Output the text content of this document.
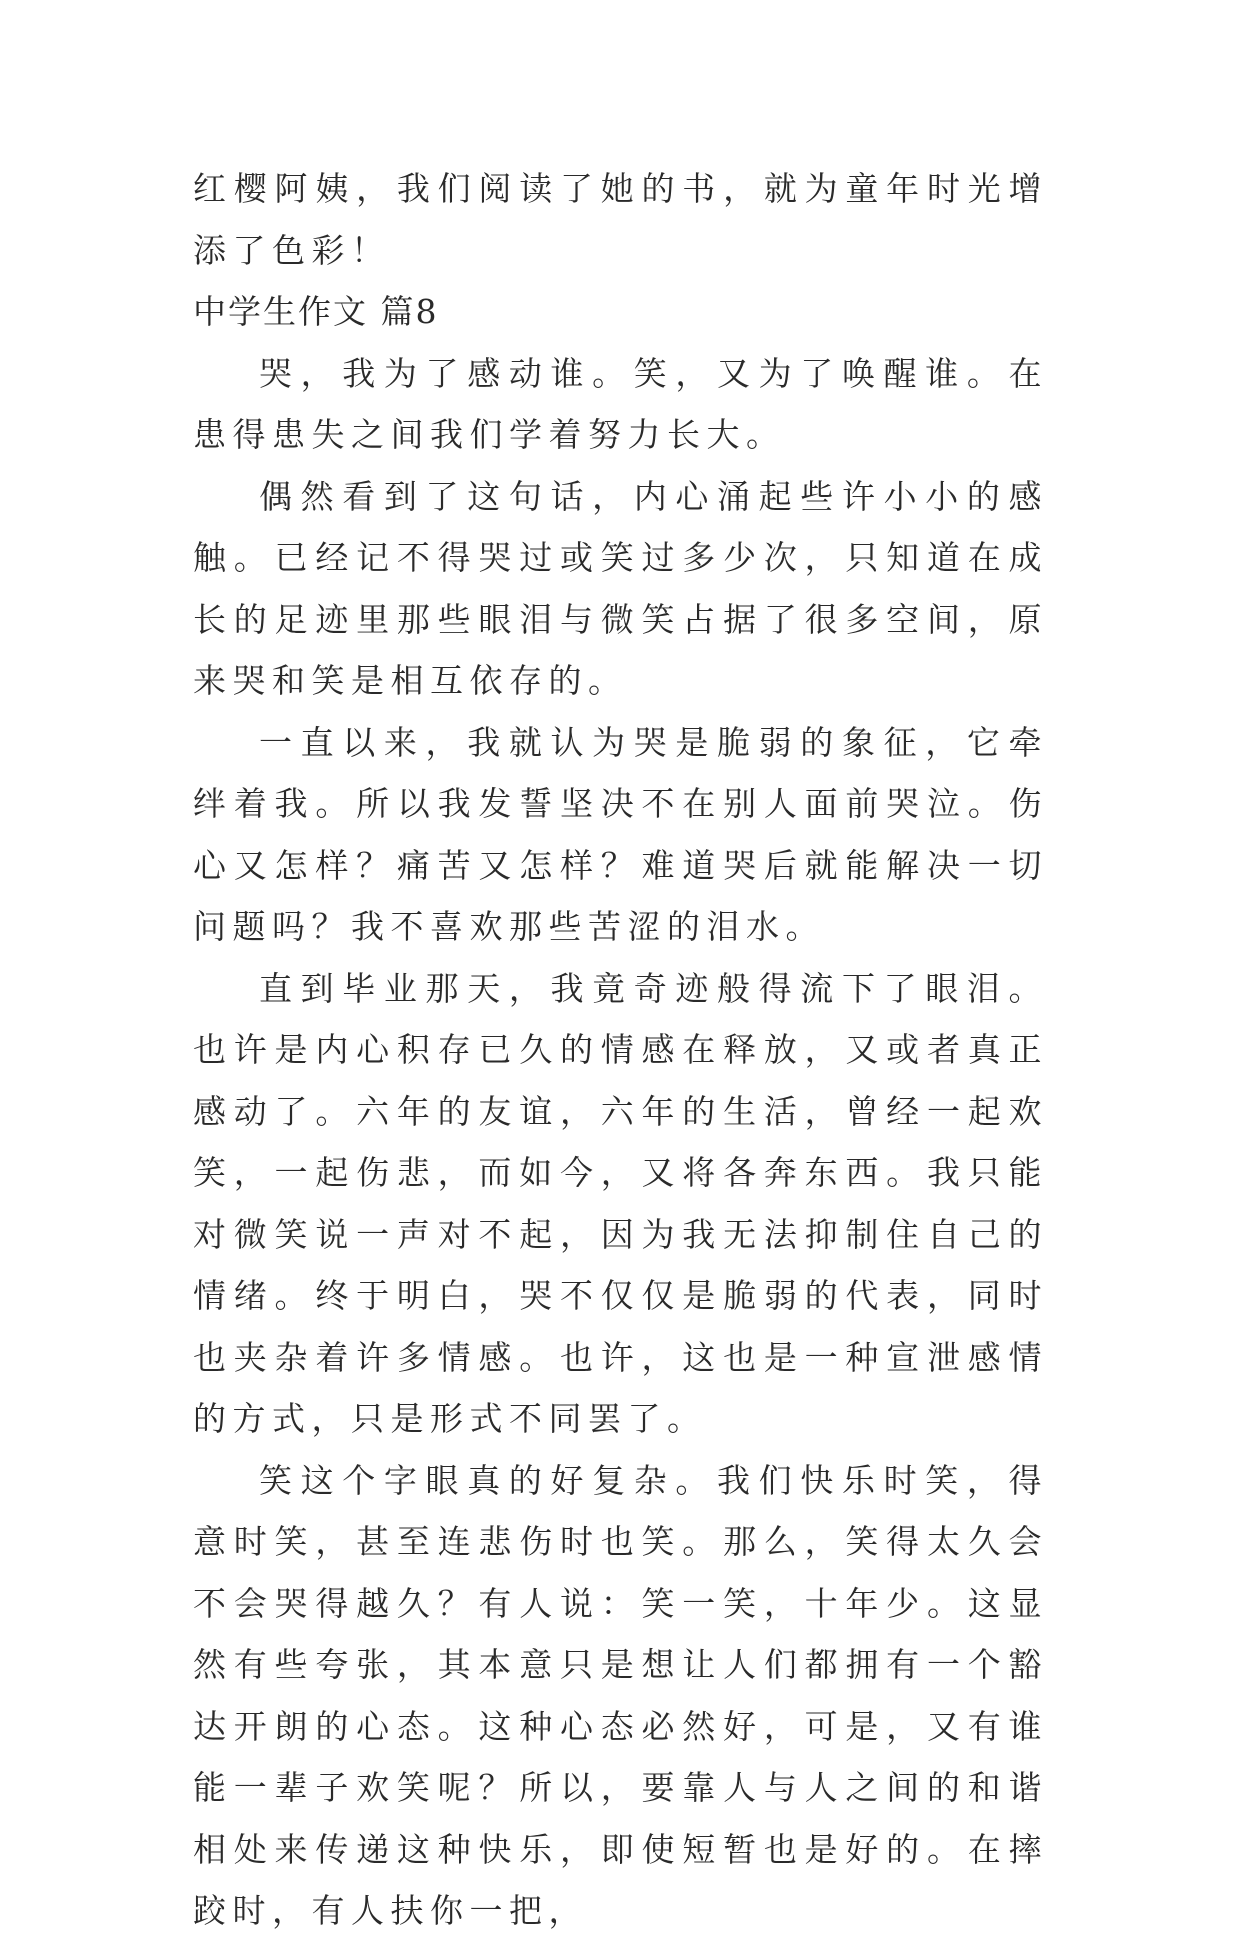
红樱阿姨，我们阅读了她的书，就为童年时光增添了色彩！

中学生作文 篇8

哭，我为了感动谁。笑，又为了唤醒谁。在患得患失之间我们学着努力长大。

偶然看到了这句话，内心涌起些许小小的感触。已经记不得哭过或笑过多少次，只知道在成长的足迹里那些眼泪与微笑占据了很多空间，原来哭和笑是相互依存的。

一直以来，我就认为哭是脆弱的象征，它牵绊着我。所以我发誓坚决不在别人面前哭泣。伤心又怎样？痛苦又怎样？难道哭后就能解决一切问题吗？我不喜欢那些苦涩的泪水。

直到毕业那天，我竟奇迹般得流下了眼泪。也许是内心积存已久的情感在释放，又或者真正感动了。六年的友谊，六年的生活，曾经一起欢笑，一起伤悲，而如今，又将各奔东西。我只能对微笑说一声对不起，因为我无法抑制住自己的情绪。终于明白，哭不仅仅是脆弱的代表，同时也夹杂着许多情感。也许，这也是一种宣泄感情的方式，只是形式不同罢了。

笑这个字眼真的好复杂。我们快乐时笑，得意时笑，甚至连悲伤时也笑。那么，笑得太久会不会哭得越久？有人说：笑一笑，十年少。这显然有些夸张，其本意只是想让人们都拥有一个豁达开朗的心态。这种心态必然好，可是，又有谁能一辈子欢笑呢？所以，要靠人与人之间的和谐相处来传递这种快乐，即使短暂也是好的。在摔跤时，有人扶你一把，
